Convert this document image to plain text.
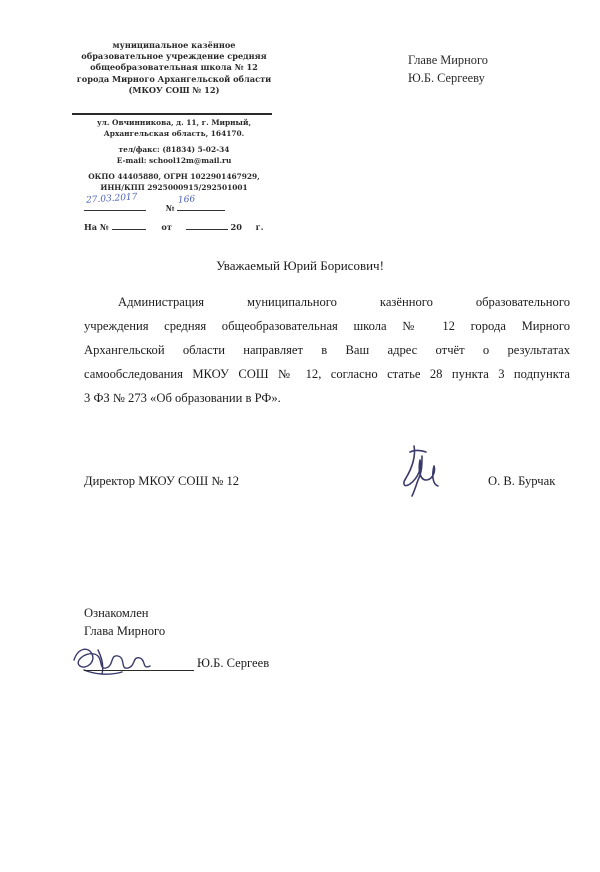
муниципальное казённое
образовательное учреждение средняя
общеобразовательная школа № 12
города Мирного Архангельской области
(МКОУ СОШ № 12)
ул. Овчинникова, д. 11, г. Мирный,
Архангельская область, 164170.
тел/факс: (81834) 5-02-34
E-mail: school12m@mail.ru
ОКПО 44405880, ОГРН 1022901467929,
ИНН/КПП 2925000915/292501001
№
27.03.2017	166
На №	от	20 г.
Главе Мирного
Ю.Б. Сергееву
Уважаемый Юрий Борисович!
Администрация муниципального казённого образовательного
учреждения средняя общеобразовательная школа № 12 города Мирного
Архангельской области направляет в Ваш адрес отчёт о результатах
самообследования МКОУ СОШ № 12, согласно статье 28 пункта 3 подпункта
3 ФЗ № 273 «Об образовании в РФ».
Директор МКОУ СОШ № 12	О. В. Бурчак
Ознакомлен
Глава Мирного
Ю.Б. Сергеев
